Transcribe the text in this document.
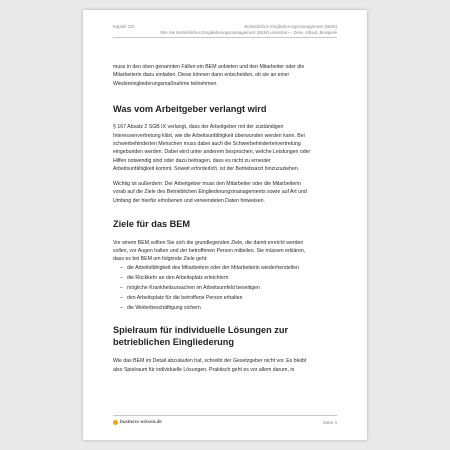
Kapitel 220	Betriebliches Eingliederungsmanagement (BEM)
Wie Sie Betriebliches Eingliederungsmanagement (BEM) umsetzen – Ziele, Ablauf, Beispiele

muss in den oben genannten Fällen ein BEM anbieten und den Mitarbeiter oder die
Mitarbeiterin dazu einladen. Diese können dann entscheiden, ob sie an einer
Wiedereingliederungsmaßnahme teilnehmen.

Was vom Arbeitgeber verlangt wird

§ 167 Absatz 2 SGB IX verlangt, dass der Arbeitgeber mit der zuständigen
Interessenvertretung klärt, wie die Arbeitsunfähigkeit überwunden werden kann. Bei
schwerbehinderten Menschen muss dabei auch die Schwerbehindertenvertretung
eingebunden werden. Dabei wird unter anderem besprochen, welche Leistungen oder
Hilfen notwendig sind oder dazu beitragen, dass es nicht zu erneuter
Arbeitsunfähigkeit kommt. Soweit erforderlich, ist der Betriebsarzt hinzuzuziehen.

Wichtig ist außerdem: Der Arbeitgeber muss den Mitarbeiter oder die Mitarbeiterin
vorab auf die Ziele des Betrieblichen Eingliederungsmanagements sowie auf Art und
Umfang der hierfür erhobenen und verwendeten Daten hinweisen.

Ziele für das BEM

Vor einem BEM sollten Sie sich die grundlegenden Ziele, die damit erreicht werden
sollen, vor Augen halten und der betroffenen Person mitteilen. Sie müssen erklären,
dass es bei BEM um folgende Ziele geht:

– die Arbeitsfähigkeit des Mitarbeiters oder der Mitarbeiterin wiederherstellen
– die Rückkehr an den Arbeitsplatz erleichtern
– mögliche Krankheitsursachen im Arbeitsumfeld beseitigen
– den Arbeitsplatz für die betroffene Person erhalten
– die Weiterbeschäftigung sichern
Spielraum für individuelle Lösungen zur
betrieblichen Eingliederung

Wie das BEM im Detail abzulaufen hat, schreibt der Gesetzgeber nicht vor. Es bleibt
also Spielraum für individuelle Lösungen. Praktisch geht es vor allem darum, in

business-wissen.de	Seite 4
